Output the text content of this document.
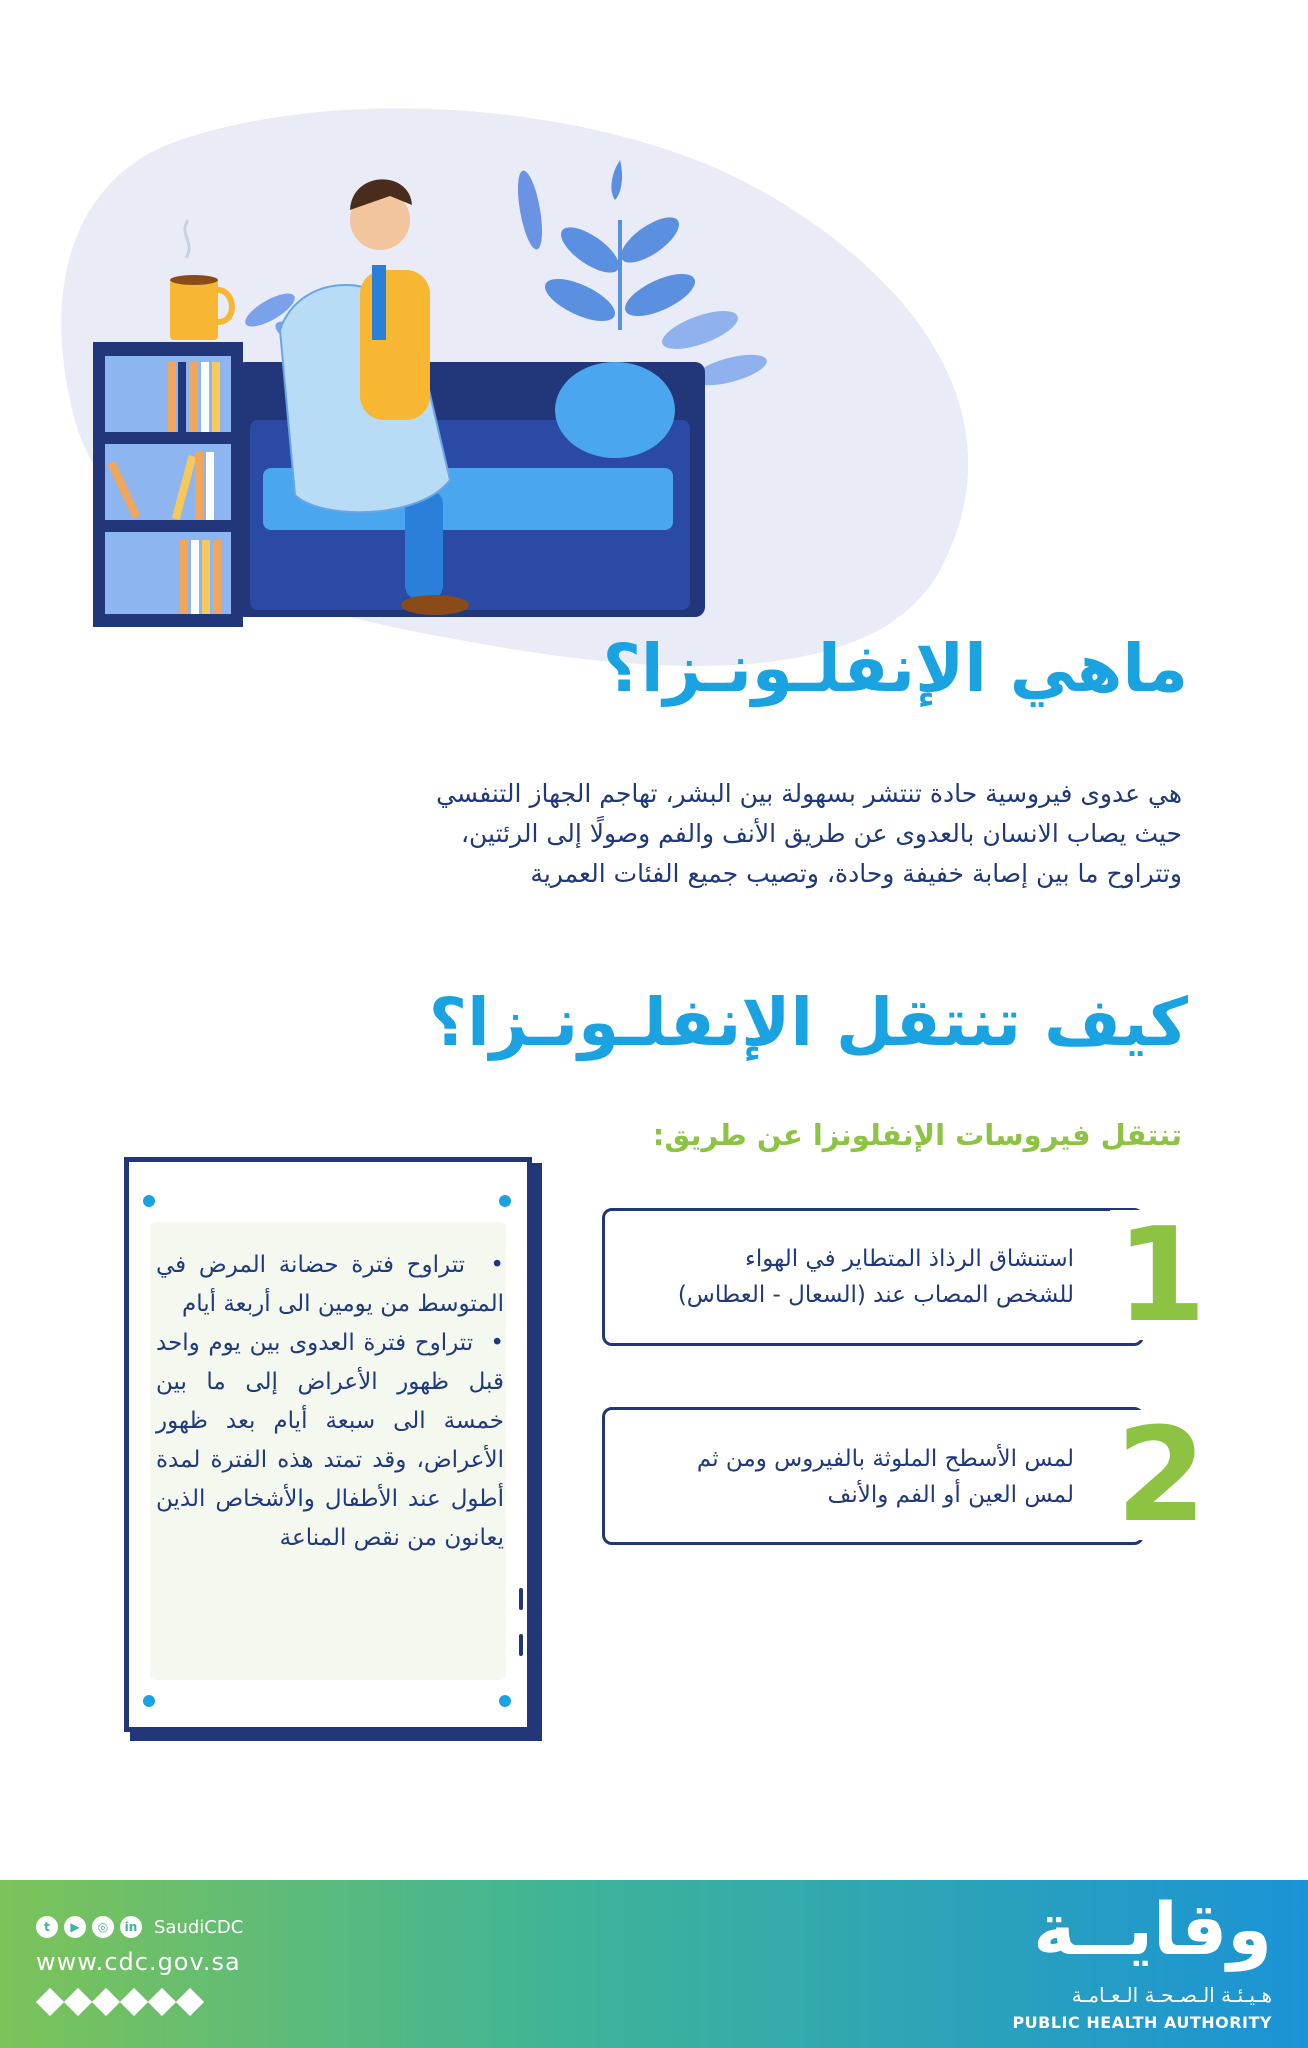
ماهي الإنفلـونـزا؟
هي عدوى فيروسية حادة تنتشر بسهولة بين البشر، تهاجم الجهاز التنفسي
حيث يصاب الانسان بالعدوى عن طريق الأنف والفم وصولًا إلى الرئتين،
وتتراوح ما بين إصابة خفيفة وحادة، وتصيب جميع الفئات العمرية
كيف تنتقل الإنفلـونـزا؟
تنتقل فيروسات الإنفلونزا عن طريق:

•  تتراوح فترة حضانة المرض في المتوسط من يومين الى أربعة أيام

•  تتراوح فترة العدوى بين يوم واحد قبل ظهور الأعراض إلى ما بين خمسة الى سبعة أيام بعد ظهور الأعراض، وقد تمتد هذه الفترة لمدة أطول عند الأطفال والأشخاص الذين يعانون من نقص المناعة

استنشاق الرذاذ المتطاير في الهواء
للشخص المصاب عند (السعال - العطاس) 1
لمس الأسطح الملوثة بالفيروس ومن ثم
لمس العين أو الفم والأنف 2
t	▶	◎	in SaudiCDC
www.cdc.gov.sa	وقايــة
هـيـئـة الـصـحـة الـعـامـة
PUBLIC HEALTH AUTHORITY
